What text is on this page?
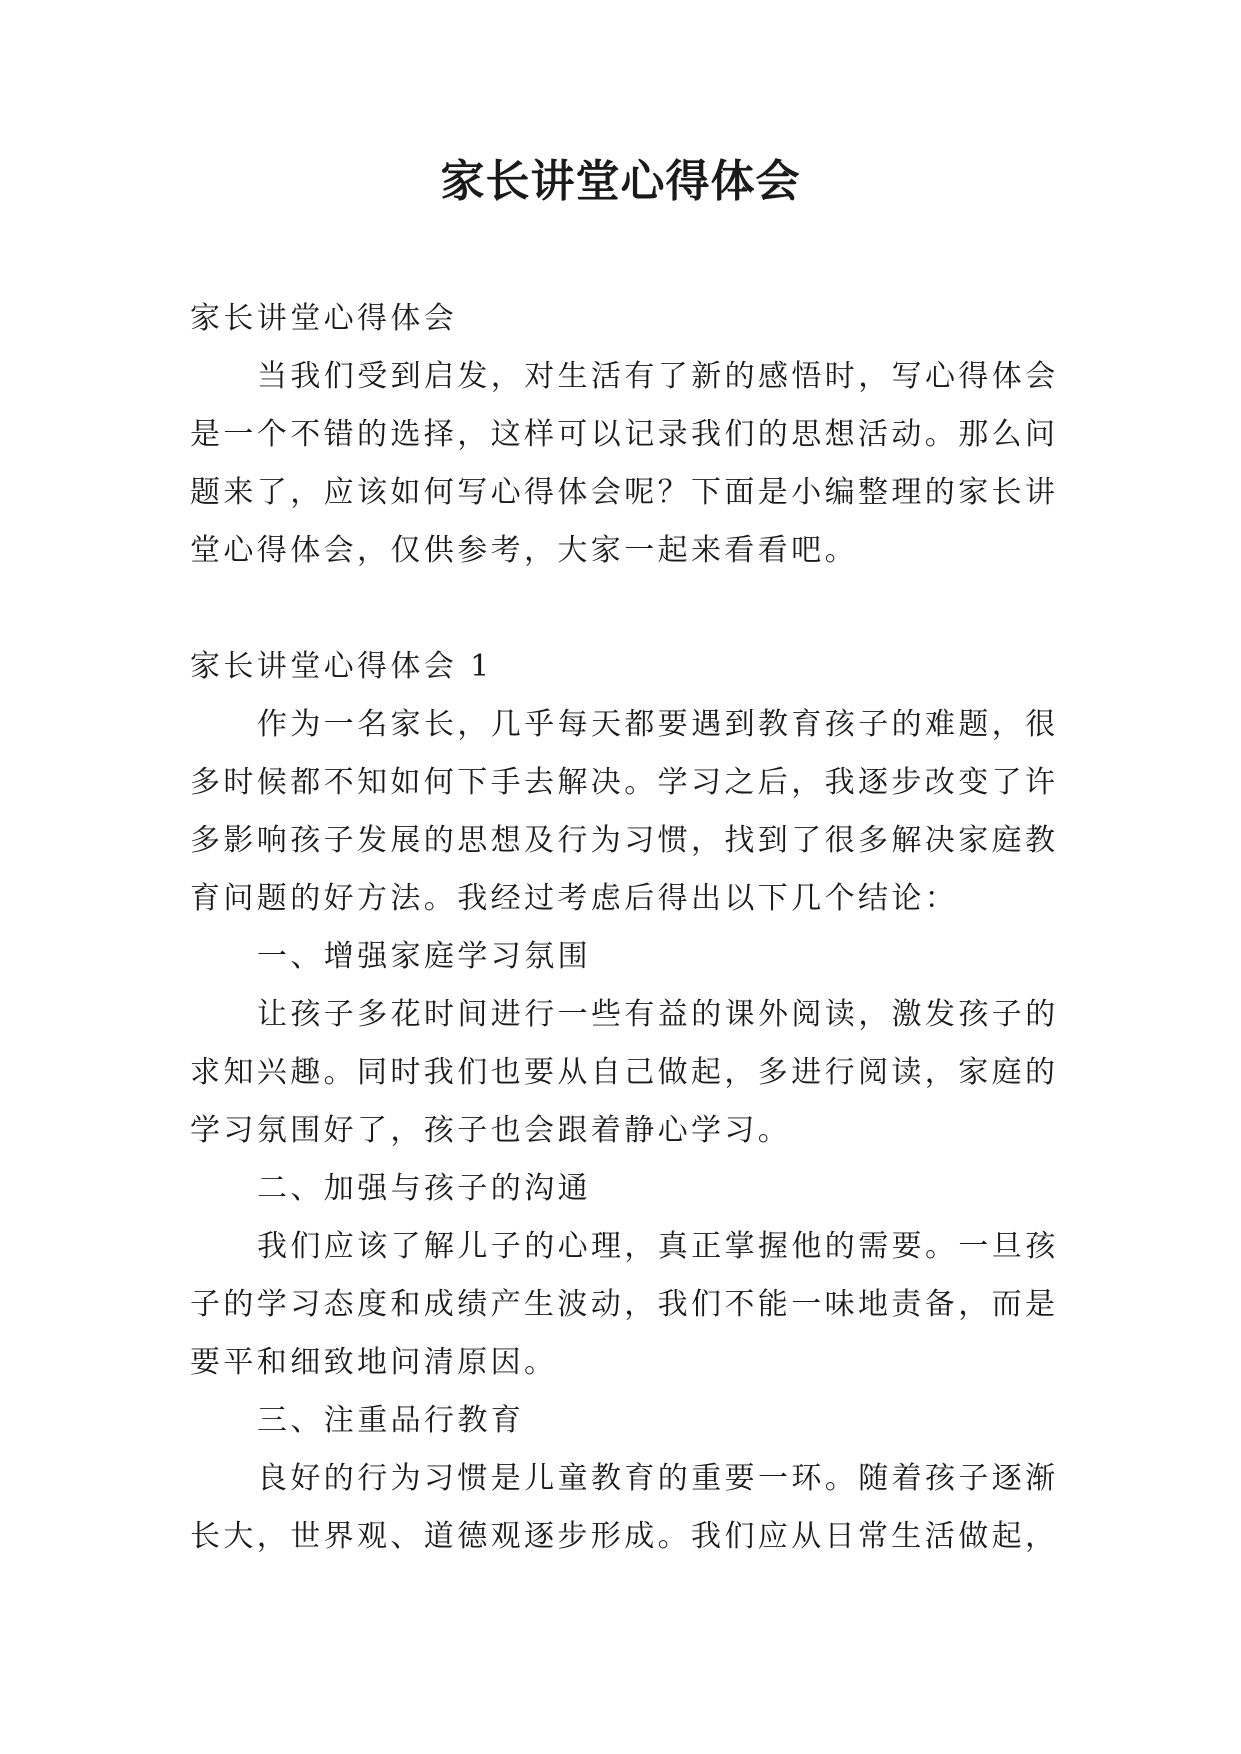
家长讲堂心得体会

家长讲堂心得体会

当我们受到启发，对生活有了新的感悟时，写心得体会
是一个不错的选择，这样可以记录我们的思想活动。那么问
题来了，应该如何写心得体会呢？下面是小编整理的家长讲
堂心得体会，仅供参考，大家一起来看看吧。

家长讲堂心得体会 1

作为一名家长，几乎每天都要遇到教育孩子的难题，很
多时候都不知如何下手去解决。学习之后，我逐步改变了许
多影响孩子发展的思想及行为习惯，找到了很多解决家庭教
育问题的好方法。我经过考虑后得出以下几个结论：

一、增强家庭学习氛围

让孩子多花时间进行一些有益的课外阅读，激发孩子的
求知兴趣。同时我们也要从自己做起，多进行阅读，家庭的
学习氛围好了，孩子也会跟着静心学习。

二、加强与孩子的沟通

我们应该了解儿子的心理，真正掌握他的需要。一旦孩
子的学习态度和成绩产生波动，我们不能一味地责备，而是
要平和细致地问清原因。

三、注重品行教育

良好的行为习惯是儿童教育的重要一环。随着孩子逐渐
长大，世界观、道德观逐步形成。我们应从日常生活做起，
